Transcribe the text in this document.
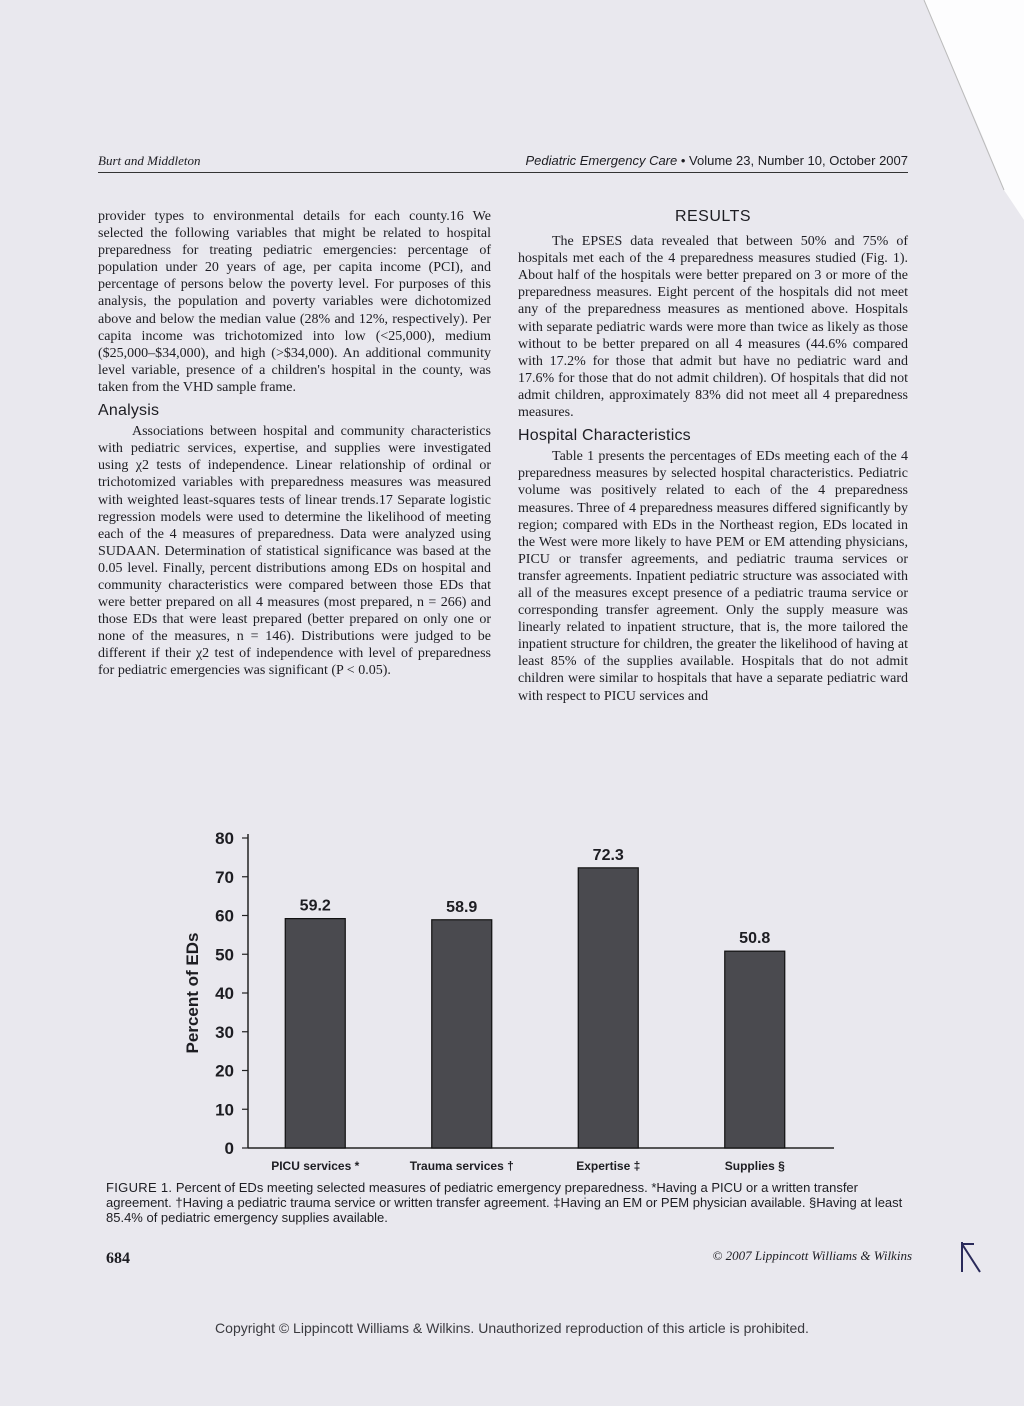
Burt and Middleton	Pediatric Emergency Care • Volume 23, Number 10, October 2007

provider types to environmental details for each county.16 We selected the following variables that might be related to hospital preparedness for treating pediatric emergencies: percentage of population under 20 years of age, per capita income (PCI), and percentage of persons below the poverty level. For purposes of this analysis, the population and poverty variables were dichotomized above and below the median value (28% and 12%, respectively). Per capita income was trichotomized into low (<25,000), medium ($25,000–$34,000), and high (>$34,000). An additional community level variable, presence of a children's hospital in the county, was taken from the VHD sample frame.

Analysis

Associations between hospital and community characteristics with pediatric services, expertise, and supplies were investigated using χ2 tests of independence. Linear relationship of ordinal or trichotomized variables with preparedness measures was measured with weighted least-squares tests of linear trends.17 Separate logistic regression models were used to determine the likelihood of meeting each of the 4 measures of preparedness. Data were analyzed using SUDAAN. Determination of statistical significance was based at the 0.05 level. Finally, percent distributions among EDs on hospital and community characteristics were compared between those EDs that were better prepared on all 4 measures (most prepared, n = 266) and those EDs that were least prepared (better prepared on only one or none of the measures, n = 146). Distributions were judged to be different if their χ2 test of independence with level of preparedness for pediatric emergencies was significant (P < 0.05).

RESULTS

The EPSES data revealed that between 50% and 75% of hospitals met each of the 4 preparedness measures studied (Fig. 1). About half of the hospitals were better prepared on 3 or more of the preparedness measures. Eight percent of the hospitals did not meet any of the preparedness measures as mentioned above. Hospitals with separate pediatric wards were more than twice as likely as those without to be better prepared on all 4 measures (44.6% compared with 17.2% for those that admit but have no pediatric ward and 17.6% for those that do not admit children). Of hospitals that did not admit children, approximately 83% did not meet all 4 preparedness measures.

Hospital Characteristics

Table 1 presents the percentages of EDs meeting each of the 4 preparedness measures by selected hospital characteristics. Pediatric volume was positively related to each of the 4 preparedness measures. Three of 4 preparedness measures differed significantly by region; compared with EDs in the Northeast region, EDs located in the West were more likely to have PEM or EM attending physicians, PICU or transfer agreements, and pediatric trauma services or transfer agreements. Inpatient pediatric structure was associated with all of the measures except presence of a pediatric trauma service or corresponding transfer agreement. Only the supply measure was linearly related to inpatient structure, that is, the more tailored the inpatient structure for children, the greater the likelihood of having at least 85% of the supplies available. Hospitals that do not admit children were similar to hospitals that have a separate pediatric ward with respect to PICU services and

0
10
20
30
40
50
60
70
80
Percent of EDs
59.2
PICU services *
58.9
Trauma services †
72.3
Expertise ‡
50.8
Supplies §
FIGURE 1. Percent of EDs meeting selected measures of pediatric emergency preparedness. *Having a PICU or a written transfer agreement. †Having a pediatric trauma service or written transfer agreement. ‡Having an EM or PEM physician available. §Having at least 85.4% of pediatric emergency supplies available.
684	© 2007 Lippincott Williams & Wilkins
Copyright © Lippincott Williams & Wilkins. Unauthorized reproduction of this article is prohibited.
